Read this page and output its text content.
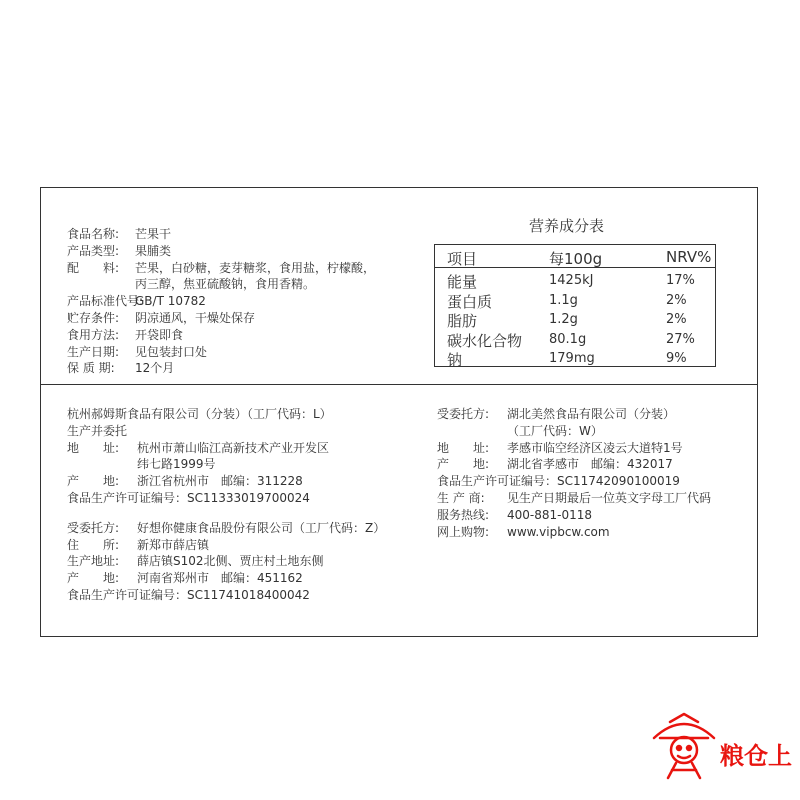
食品名称:	芒果干
产品类型:	果脯类
配　　料:	芒果，白砂糖，麦芽糖浆，食用盐，柠檬酸，
丙三醇，焦亚硫酸钠，食用香精。
产品标准代号:
GB/T 10782
贮存条件:	阴凉通风，干燥处保存
食用方法:	开袋即食
生产日期:	见包装封口处
保 质 期:	12个月
营养成分表
项目	每100g	NRV%
能量	1425kJ	17%
蛋白质	1.1g	2%
脂肪	1.2g	2%
碳水化合物 80.1g	27%
钠	179mg	9%
杭州郝姆斯食品有限公司（分装）（工厂代码：L）
生产并委托
地　　址:	杭州市萧山临江高新技术产业开发区
纬七路1999号
产　　地:	浙江省杭州市　邮编：311228
食品生产许可证编号：SC11333019700024
受委托方:	好想你健康食品股份有限公司（工厂代码：Z）
住　　所:	新郑市薛店镇
生产地址:	薛店镇S102北侧、贾庄村土地东侧
产　　地:	河南省郑州市　邮编：451162
食品生产许可证编号：SC11741018400042
受委托方:	湖北美然食品有限公司（分装）
（工厂代码：W）
地　　址:	孝感市临空经济区凌云大道特1号
产　　地:	湖北省孝感市　邮编：432017
食品生产许可证编号：SC11742090100019
生 产 商:	见生产日期最后一位英文字母工厂代码
服务热线:	400-881-0118
网上购物:	www.vipbcw.com
粮仓上
